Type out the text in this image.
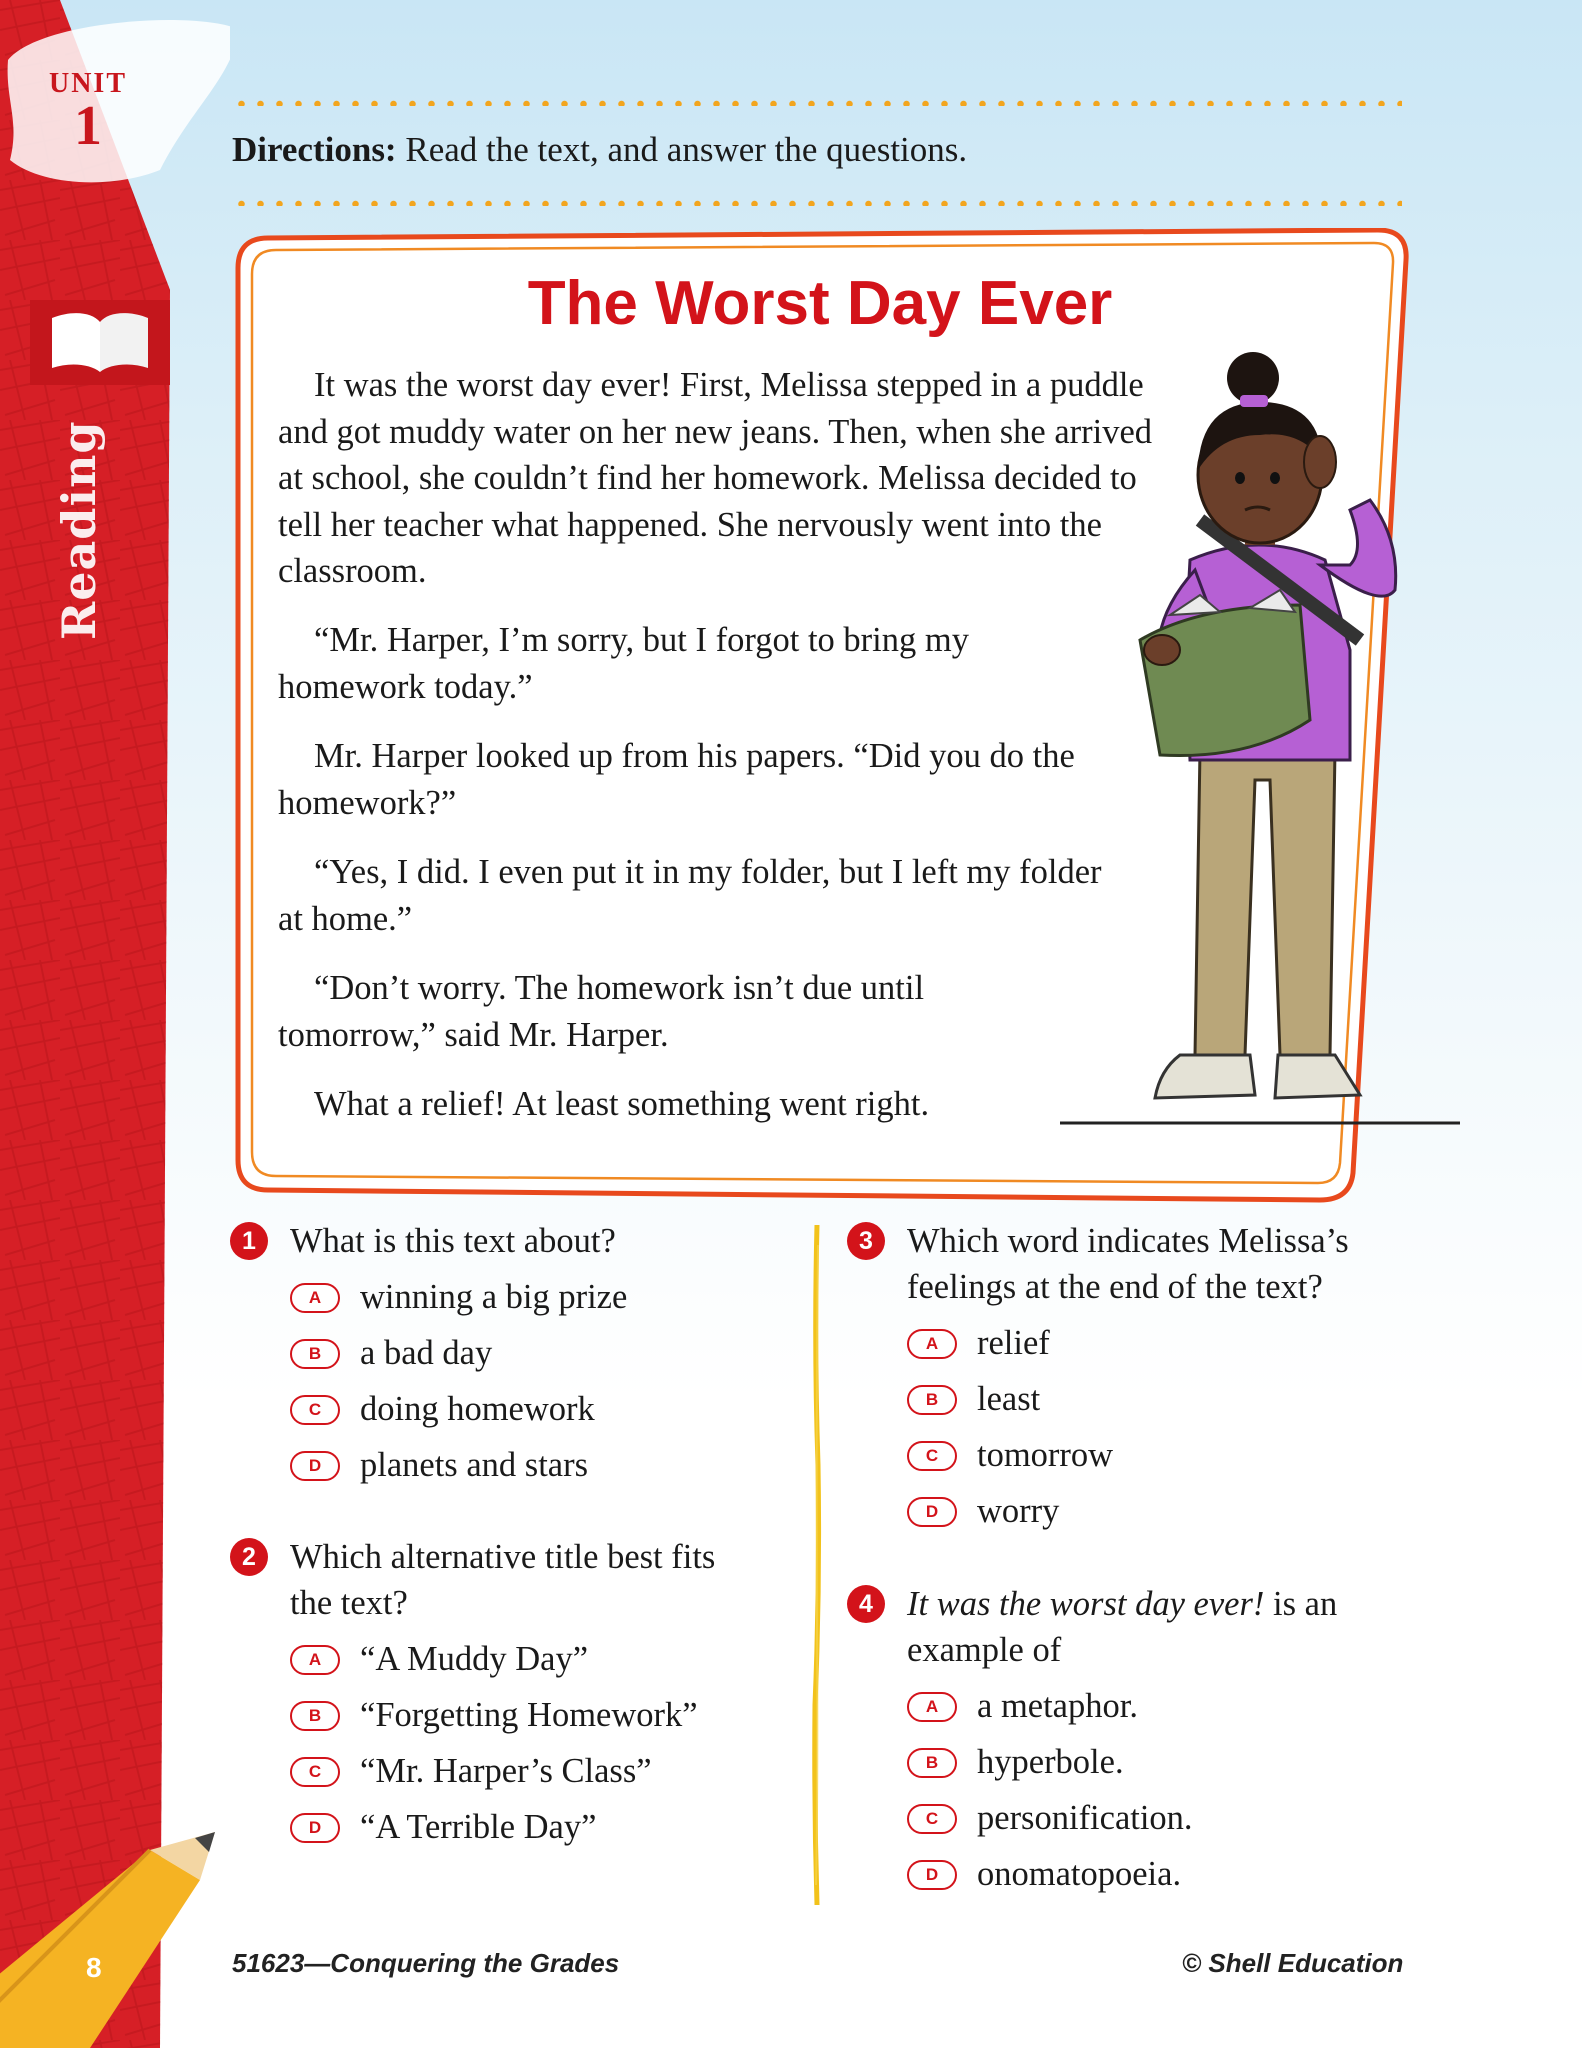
UNIT
1
Reading
8
Directions: Read the text, and answer the questions.
The Worst Day Ever
It was the worst day ever! First, Melissa stepped in a puddle and got muddy water on her new jeans. Then, when she arrived at school, she couldn’t find her homework. Melissa decided to tell her teacher what happened. She nervously went into the classroom.
“Mr. Harper, I’m sorry, but I forgot to bring my homework today.”
Mr. Harper looked up from his papers. “Did you do the homework?”
“Yes, I did. I even put it in my folder, but I left my folder at home.”
“Don’t worry. The homework isn’t due until tomorrow,” said Mr. Harper.
What a relief! At least something went right.
1 What is this text about?
A	winning a big prize
B	a bad day
C	doing homework
D	planets and stars
2 Which alternative title best fits
the text?
A	“A Muddy Day”
B	“Forgetting Homework”
C	“Mr. Harper’s Class”
D	“A Terrible Day”
3 Which word indicates Melissa’s
feelings at the end of the text?
A	relief
B	least
C	tomorrow
D	worry
4 It was the worst day ever! is an
example of
A	a metaphor.
B	hyperbole.
C	personification.
D	onomatopoeia.
51623—Conquering the Grades	© Shell Education
